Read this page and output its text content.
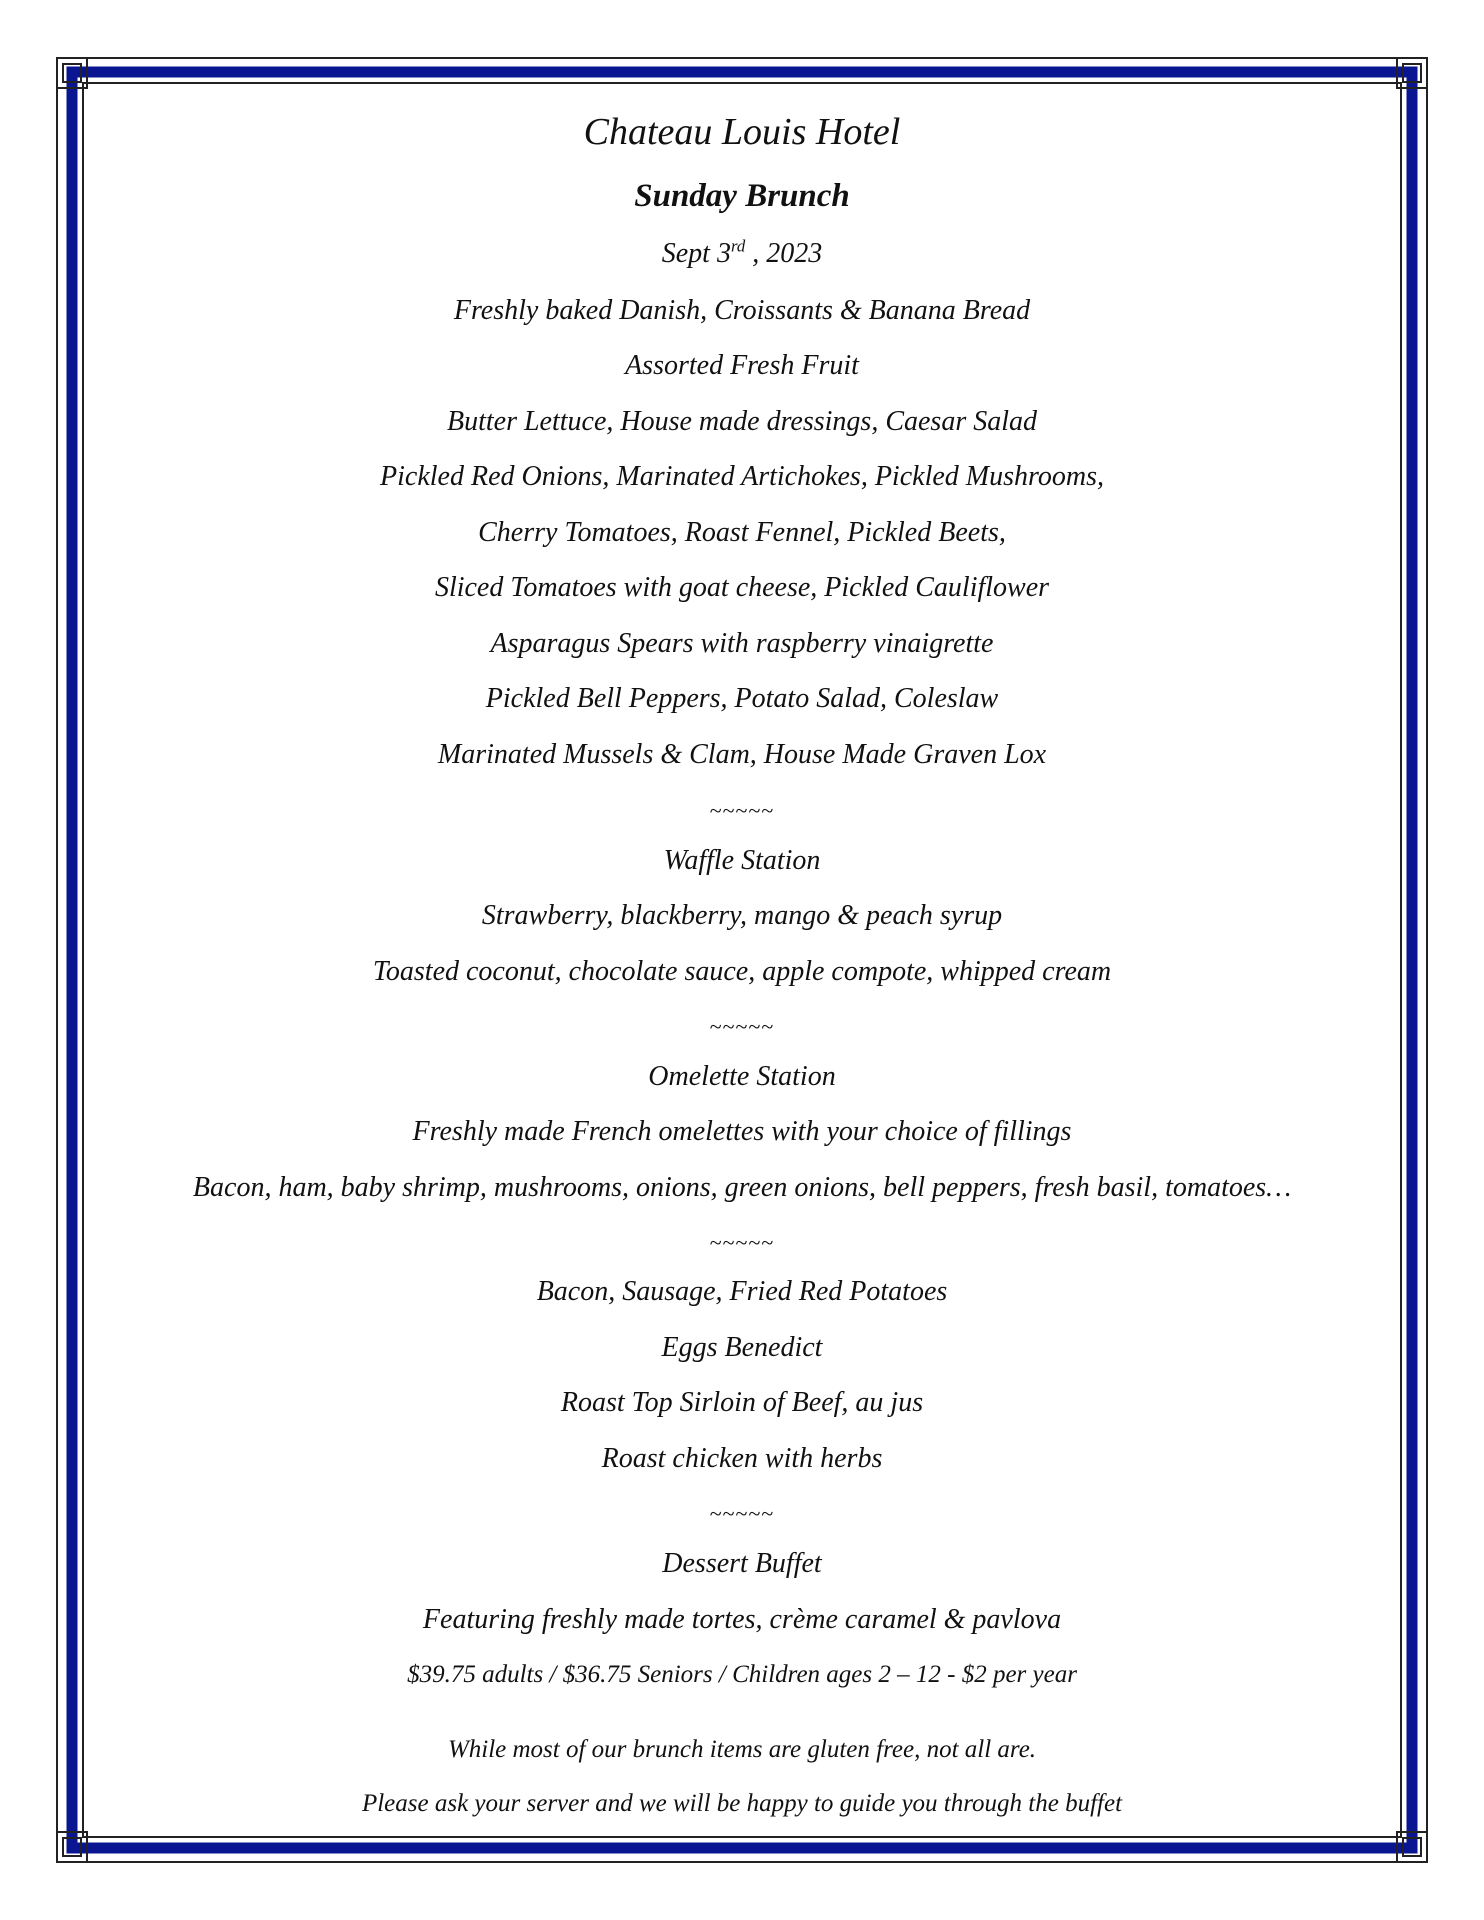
Chateau Louis Hotel
Sunday Brunch
Sept 3rd , 2023
Freshly baked Danish, Croissants & Banana Bread
Assorted Fresh Fruit
Butter Lettuce, House made dressings, Caesar Salad
Pickled Red Onions, Marinated Artichokes, Pickled Mushrooms,
Cherry Tomatoes, Roast Fennel, Pickled Beets,
Sliced Tomatoes with goat cheese, Pickled Cauliflower
Asparagus Spears with raspberry vinaigrette
Pickled Bell Peppers, Potato Salad, Coleslaw
Marinated Mussels & Clam, House Made Graven Lox
~~~~~
Waffle Station
Strawberry, blackberry, mango & peach syrup
Toasted coconut, chocolate sauce, apple compote, whipped cream
~~~~~
Omelette Station
Freshly made French omelettes with your choice of fillings
Bacon, ham, baby shrimp, mushrooms, onions, green onions, bell peppers, fresh basil, tomatoes…
~~~~~
Bacon, Sausage, Fried Red Potatoes
Eggs Benedict
Roast Top Sirloin of Beef, au jus
Roast chicken with herbs
~~~~~
Dessert Buffet
Featuring freshly made tortes, crème caramel & pavlova
$39.75 adults / $36.75 Seniors / Children ages 2 – 12 - $2 per year
While most of our brunch items are gluten free, not all are.
Please ask your server and we will be happy to guide you through the buffet
